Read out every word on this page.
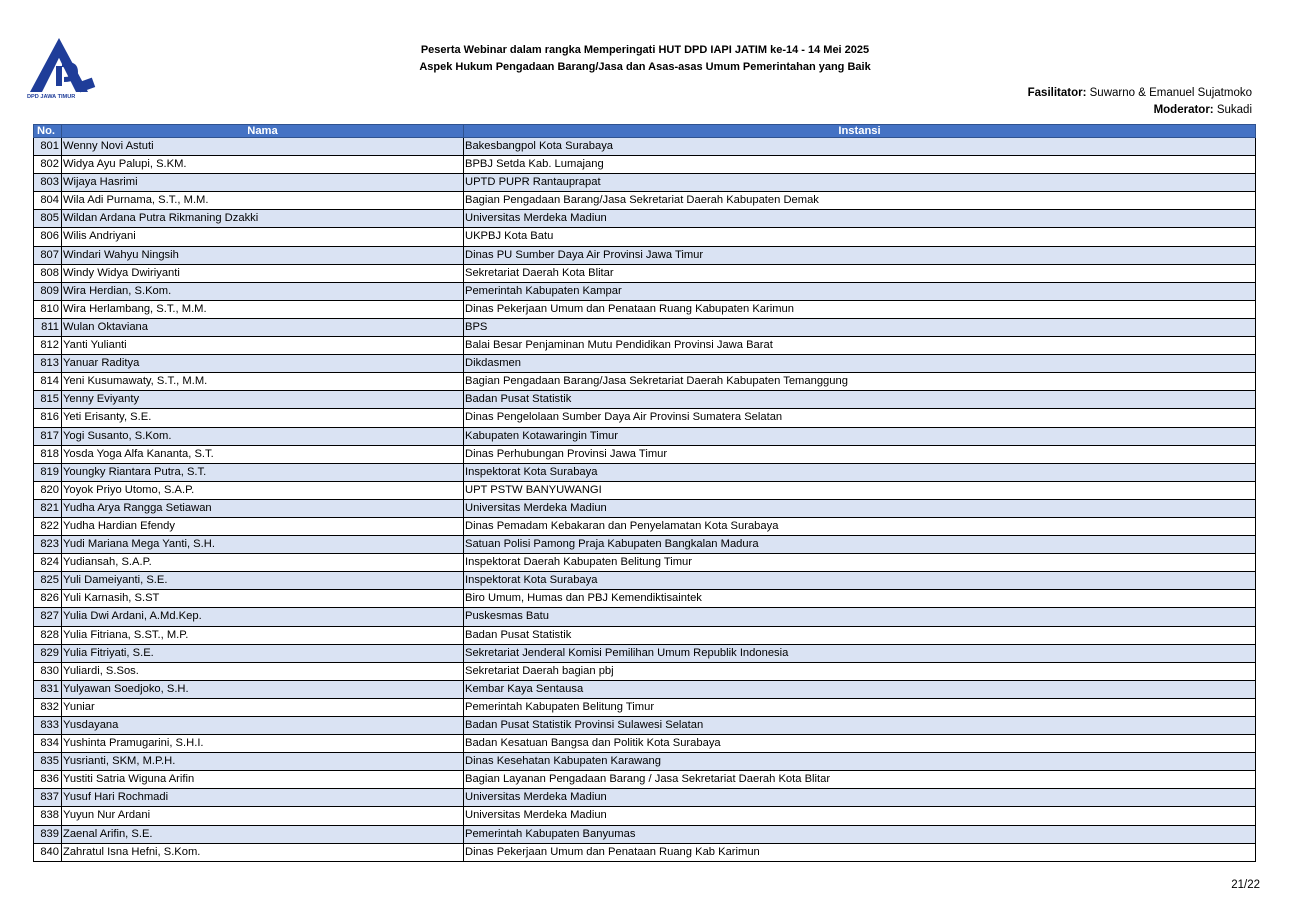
DPD JAWA TIMUR
Peserta Webinar dalam rangka Memperingati HUT DPD IAPI JATIM ke-14 - 14 Mei 2025
Aspek Hukum Pengadaan Barang/Jasa dan Asas-asas Umum Pemerintahan yang Baik
Fasilitator: Suwarno & Emanuel Sujatmoko
Moderator: Sukadi
No.	Nama	Instansi
801	Wenny Novi Astuti	Bakesbangpol Kota Surabaya
802	Widya Ayu Palupi, S.KM.	BPBJ Setda Kab. Lumajang
803	Wijaya Hasrimi	UPTD PUPR Rantauprapat
804	Wila Adi Purnama, S.T., M.M.	Bagian Pengadaan Barang/Jasa Sekretariat Daerah Kabupaten Demak
805	Wildan Ardana Putra Rikmaning Dzakki	Universitas Merdeka Madiun
806	Wilis Andriyani	UKPBJ Kota Batu
807	Windari Wahyu Ningsih	Dinas PU Sumber Daya Air Provinsi Jawa Timur
808	Windy Widya Dwiriyanti	Sekretariat Daerah Kota Blitar
809	Wira Herdian, S.Kom.	Pemerintah Kabupaten Kampar
810	Wira Herlambang, S.T., M.M.	Dinas Pekerjaan Umum dan Penataan Ruang Kabupaten Karimun
811	Wulan Oktaviana	BPS
812	Yanti Yulianti	Balai Besar Penjaminan Mutu Pendidikan Provinsi Jawa Barat
813	Yanuar Raditya	Dikdasmen
814	Yeni Kusumawaty, S.T., M.M.	Bagian Pengadaan Barang/Jasa Sekretariat Daerah Kabupaten Temanggung
815	Yenny Eviyanty	Badan Pusat Statistik
816	Yeti Erisanty, S.E.	Dinas Pengelolaan Sumber Daya Air Provinsi Sumatera Selatan
817	Yogi Susanto, S.Kom.	Kabupaten Kotawaringin Timur
818	Yosda Yoga Alfa Kananta, S.T.	Dinas Perhubungan Provinsi Jawa Timur
819	Youngky Riantara Putra, S.T.	Inspektorat Kota Surabaya
820	Yoyok Priyo Utomo, S.A.P.	UPT PSTW BANYUWANGI
821	Yudha Arya Rangga Setiawan	Universitas Merdeka Madiun
822	Yudha Hardian Efendy	Dinas Pemadam Kebakaran dan Penyelamatan Kota Surabaya
823	Yudi Mariana Mega Yanti, S.H.	Satuan Polisi Pamong Praja Kabupaten Bangkalan Madura
824	Yudiansah, S.A.P.	Inspektorat Daerah Kabupaten Belitung Timur
825	Yuli Dameiyanti, S.E.	Inspektorat Kota Surabaya
826	Yuli Karnasih, S.ST	Biro Umum, Humas dan PBJ Kemendiktisaintek
827	Yulia Dwi Ardani, A.Md.Kep.	Puskesmas Batu
828	Yulia Fitriana, S.ST., M.P.	Badan Pusat Statistik
829	Yulia Fitriyati, S.E.	Sekretariat Jenderal Komisi Pemilihan Umum Republik Indonesia
830	Yuliardi, S.Sos.	Sekretariat Daerah bagian pbj
831	Yulyawan Soedjoko, S.H.	Kembar Kaya Sentausa
832	Yuniar	Pemerintah Kabupaten Belitung Timur
833	Yusdayana	Badan Pusat Statistik Provinsi Sulawesi Selatan
834	Yushinta Pramugarini, S.H.I.	Badan Kesatuan Bangsa dan Politik Kota Surabaya
835	Yusrianti, SKM, M.P.H.	Dinas Kesehatan Kabupaten Karawang
836	Yustiti Satria Wiguna Arifin	Bagian Layanan Pengadaan Barang / Jasa Sekretariat Daerah Kota Blitar
837	Yusuf Hari Rochmadi	Universitas Merdeka Madiun
838	Yuyun Nur Ardani	Universitas Merdeka Madiun
839	Zaenal Arifin, S.E.	Pemerintah Kabupaten Banyumas
840	Zahratul Isna Hefni, S.Kom.	Dinas Pekerjaan Umum dan Penataan Ruang Kab Karimun
21/22
